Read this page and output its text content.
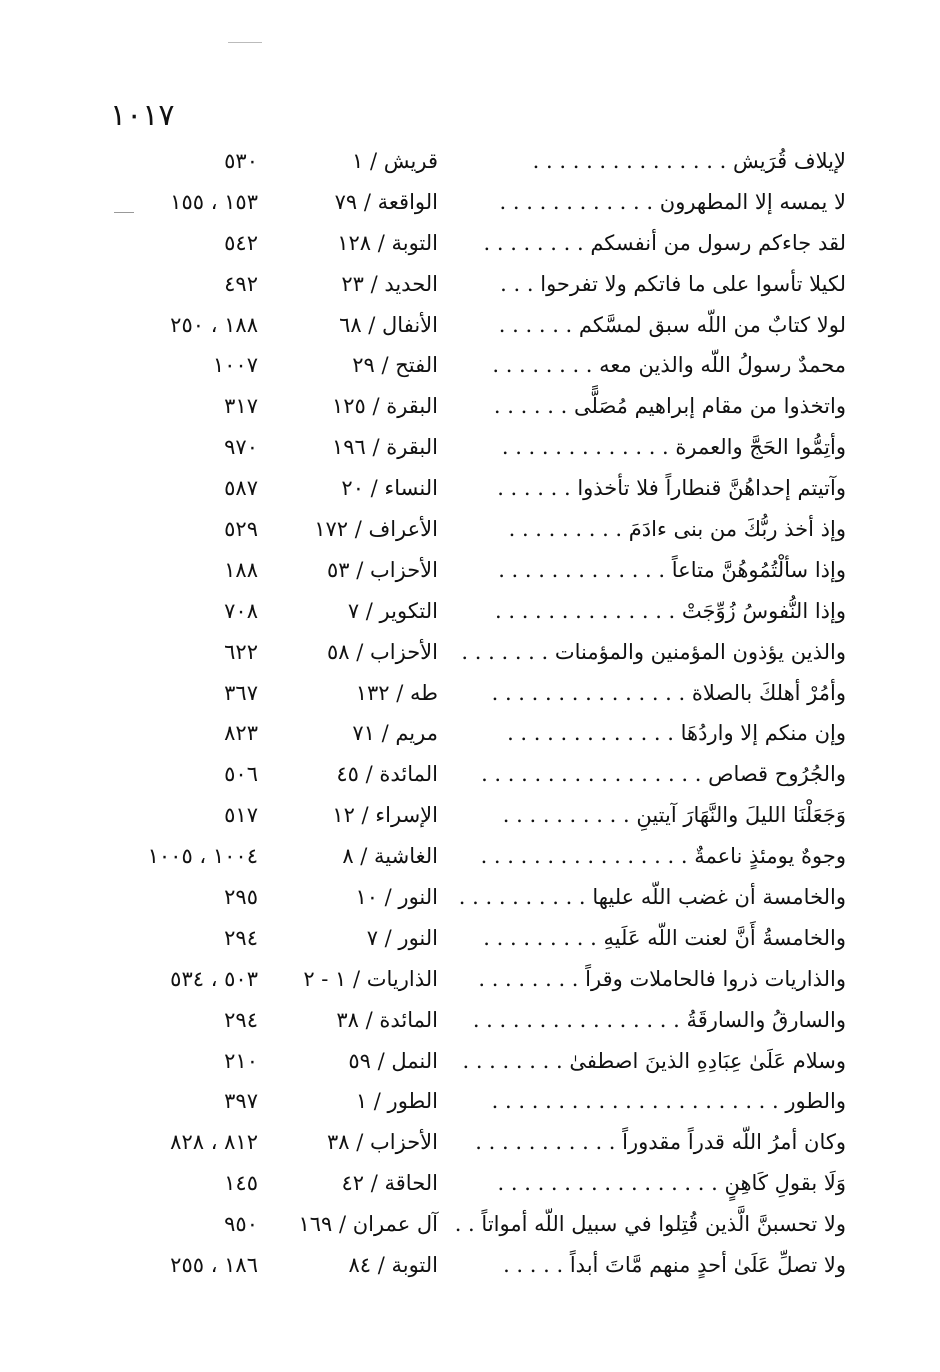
١٠١٧
لإيلاف قُرَيش . . . . . . . . . . . . . . .
قريش / ١
٥٣٠
لا يمسه إلا المطهرون . . . . . . . . . . . .
الواقعة / ٧٩
١٥٣ ، ١٥٥
لقد جاءكم رسول من أنفسكم . . . . . . . .
التوبة / ١٢٨
٥٤٢
لكيلا تأسوا على ما فاتكم ولا تفرحوا . . .
الحديد / ٢٣
٤٩٢
لولا كتابٌ من اللّه سبق لمسَّكم . . . . . .
الأنفال / ٦٨
١٨٨ ، ٢٥٠
محمدٌ رسولُ اللّه والذين معه . . . . . . . .
الفتح / ٢٩
١٠٠٧
واتخذوا من مقام إبراهيم مُصَلًّى . . . . . .
البقرة / ١٢٥
٣١٧
وأتِمُّوا الحَجَّ والعمرة . . . . . . . . . . . . .
البقرة / ١٩٦
٩٧٠
وآتيتم إحداهُنَّ قنطاراً فلا تأخذوا . . . . . .
النساء / ٢٠
٥٨٧
وإذ أخذ ربُّكَ من بنى ءادَمَ . . . . . . . . .
الأعراف / ١٧٢
٥٢٩
وإذا سألْتُمُوهُنَّ متاعاً . . . . . . . . . . . . .
الأحزاب / ٥٣
١٨٨
وإذا النُّفوسُ زُوِّجَتْ . . . . . . . . . . . . . .
التكوير / ٧
٧٠٨
والذين يؤذون المؤمنين والمؤمنات . . . . . . .
الأحزاب / ٥٨
٦٢٢
وأمُرْ أهلكَ بالصلاة . . . . . . . . . . . . . . .
طه / ١٣٢
٣٦٧
وإن منكم إلا واردُهَا . . . . . . . . . . . . .
مريم / ٧١
٨٢٣
والجُرُوح قصاص . . . . . . . . . . . . . . . . .
المائدة / ٤٥
٥٠٦
وَجَعَلْنَا الليلَ والنَّهَارَ آيتينِ . . . . . . . . . .
الإسراء / ١٢
٥١٧
وجوهٌ يومئذٍ ناعمةٌ . . . . . . . . . . . . . . . .
الغاشية / ٨
١٠٠٤ ، ١٠٠٥
والخامسة أن غضب اللّه عليها . . . . . . . . . .
النور / ١٠
٢٩٥
والخامسةُ أَنَّ لعنت اللّه عَلَيهِ . . . . . . . . .
النور / ٧
٢٩٤
والذاريات ذروا فالحاملات وقراً . . . . . . . .
الذاريات / ١ - ٢
٥٠٣ ، ٥٣٤
والسارقُ والسارقَةُ . . . . . . . . . . . . . . . .
المائدة / ٣٨
٢٩٤
وسلام عَلَىٰ عِبَادِهِ الذينَ اصطفىٰ . . . . . . . .
النمل / ٥٩
٢١٠
والطور . . . . . . . . . . . . . . . . . . . . . .
الطور / ١
٣٩٧
وكان أمرُ اللّه قدراً مقدوراً . . . . . . . . . . .
الأحزاب / ٣٨
٨١٢ ، ٨٢٨
وَلَا بقولِ كَاهِنٍ . . . . . . . . . . . . . . . . .
الحاقة / ٤٢
١٤٥
ولا تحسبنَّ الَّذين قُتِلوا في سبيل اللّه أمواتاً . .
آل عمران / ١٦٩
٩٥٠
ولا تصلِّ عَلَىٰ أحدٍ منهم مَّاتَ أبداً . . . . .
التوبة / ٨٤
١٨٦ ، ٢٥٥
